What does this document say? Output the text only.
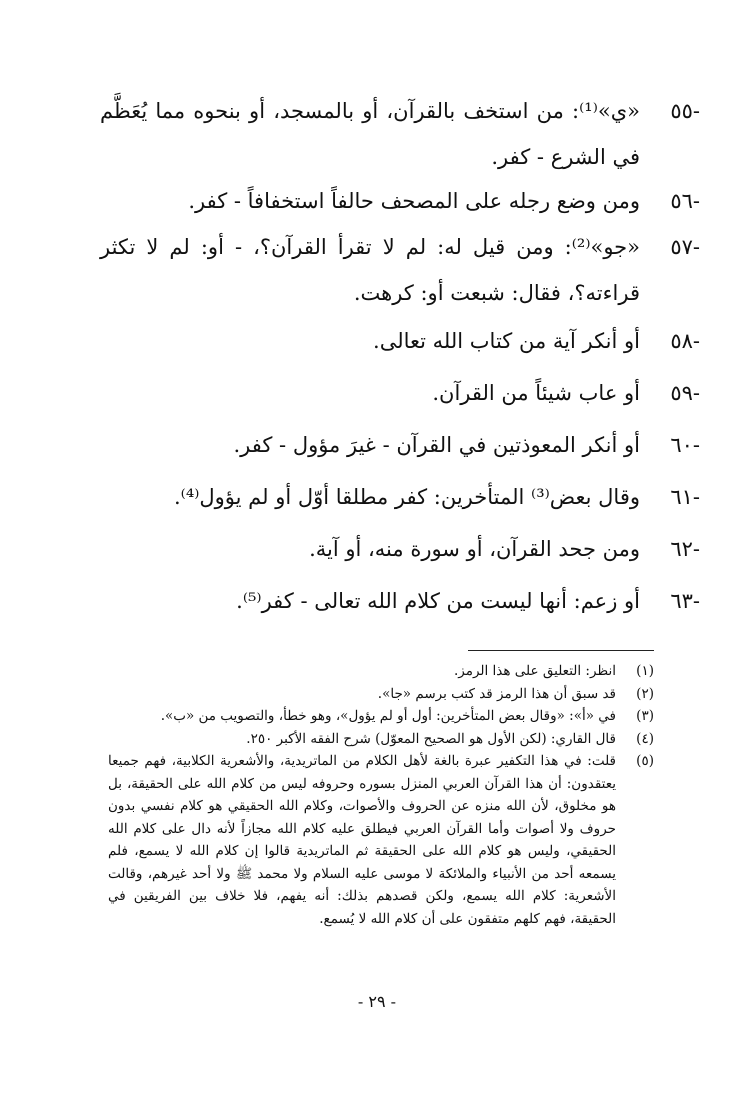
-٥٥
«ي»⁽¹⁾: من استخف بالقرآن، أو بالمسجد، أو بنحوه مما يُعَظَّم في الشرع - كفر.
-٥٦
ومن وضع رجله على المصحف حالفاً استخفافاً - كفر.
-٥٧
«جو»⁽²⁾: ومن قيل له: لم لا تقرأ القرآن؟، - أو: لم لا تكثر قراءته؟، فقال: شبعت أو: كرهت.
-٥٨
أو أنكر آية من كتاب الله تعالى.
-٥٩
أو عاب شيئاً من القرآن.
-٦٠
أو أنكر المعوذتين في القرآن - غيرَ مؤول - كفر.
-٦١
وقال بعض⁽³⁾ المتأخرين: كفر مطلقا أوّل أو لم يؤول⁽⁴⁾.
-٦٢
ومن جحد القرآن، أو سورة منه، أو آية.
-٦٣
أو زعم: أنها ليست من كلام الله تعالى - كفر⁽⁵⁾.
(١)
انظر: التعليق على هذا الرمز.
(٢)
قد سبق أن هذا الرمز قد كتب برسم «جا».
(٣)
في «أ»: «وقال بعض المتأخرين: أول أو لم يؤول»، وهو خطأ، والتصويب من «ب».
(٤)
قال القاري: (لكن الأول هو الصحيح المعوّل) شرح الفقه الأكبر ٢٥٠.
(٥)
قلت: في هذا التكفير عبرة بالغة لأهل الكلام من الماتريدية، والأشعرية الكلابية، فهم جميعا يعتقدون: أن هذا القرآن العربي المنزل بسوره وحروفه ليس من كلام الله على الحقيقة، بل هو مخلوق، لأن الله منزه عن الحروف والأصوات، وكلام الله الحقيقي هو كلام نفسي بدون حروف ولا أصوات وأما القرآن العربي فيطلق عليه كلام الله مجازاً لأنه دال على كلام الله الحقيقي، وليس هو كلام الله على الحقيقة ثم الماتريدية قالوا إن كلام الله لا يسمع، فلم يسمعه أحد من الأنبياء والملائكة لا موسى عليه السلام ولا محمد ﷺ ولا أحد غيرهم، وقالت الأشعرية: كلام الله يسمع، ولكن قصدهم بذلك: أنه يفهم، فلا خلاف بين الفريقين في الحقيقة، فهم كلهم متفقون على أن كلام الله لا يُسمع.
- ٢٩ -
